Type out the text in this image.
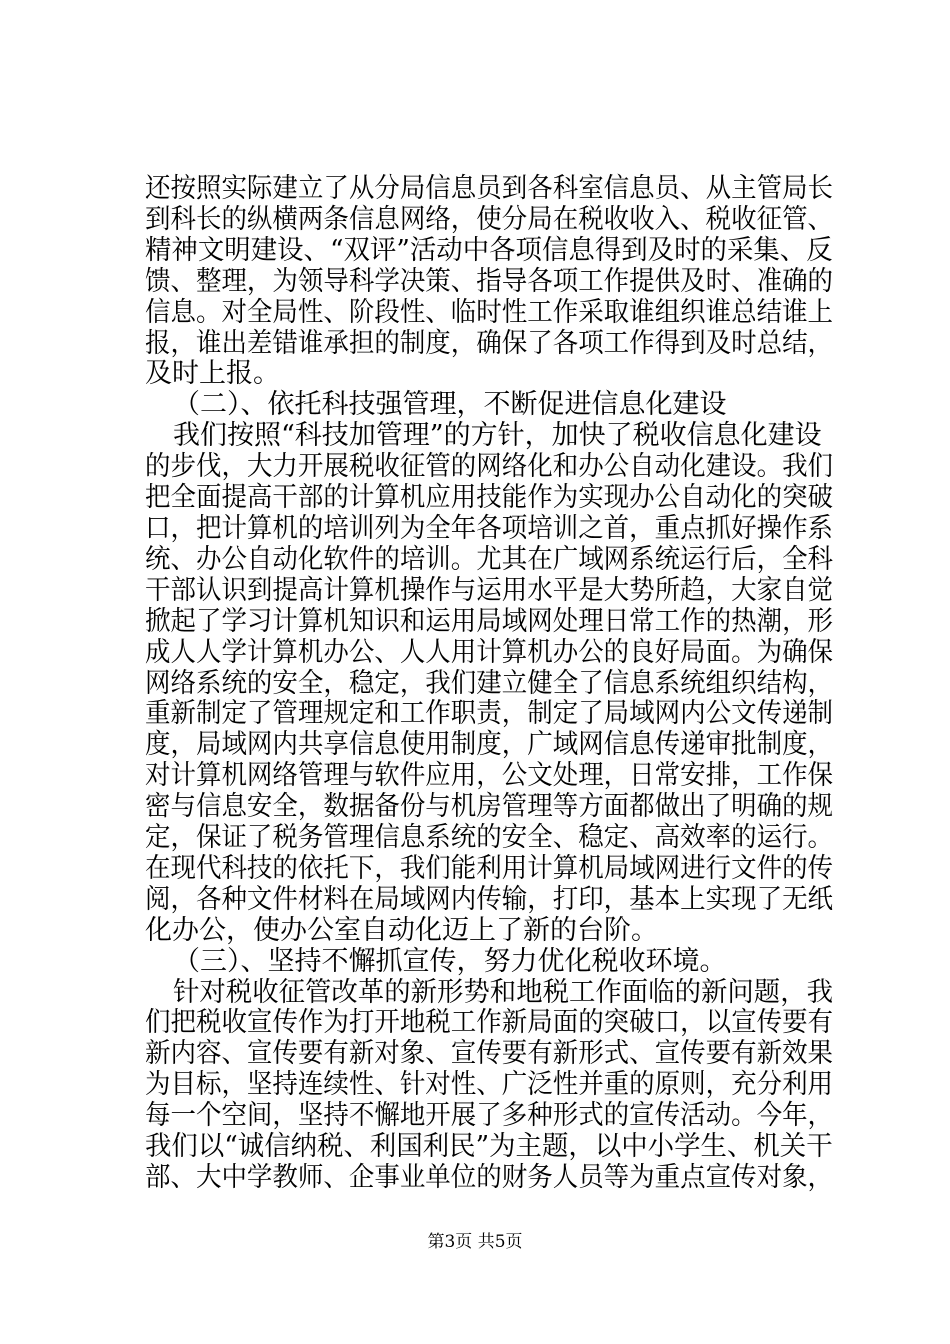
还按照实际建立了从分局信息员到各科室信息员、从主管局长
到科长的纵横两条信息网络，使分局在税收收入、税收征管、
精神文明建设、“双评”活动中各项信息得到及时的采集、反
馈、整理，为领导科学决策、指导各项工作提供及时、准确的
信息。对全局性、阶段性、临时性工作采取谁组织谁总结谁上
报，谁出差错谁承担的制度，确保了各项工作得到及时总结，
及时上报。
（二）、依托科技强管理，不断促进信息化建设
我们按照“科技加管理”的方针，加快了税收信息化建设
的步伐，大力开展税收征管的网络化和办公自动化建设。我们
把全面提高干部的计算机应用技能作为实现办公自动化的突破
口，把计算机的培训列为全年各项培训之首，重点抓好操作系
统、办公自动化软件的培训。尤其在广域网系统运行后，全科
干部认识到提高计算机操作与运用水平是大势所趋，大家自觉
掀起了学习计算机知识和运用局域网处理日常工作的热潮，形
成人人学计算机办公、人人用计算机办公的良好局面。为确保
网络系统的安全，稳定，我们建立健全了信息系统组织结构，
重新制定了管理规定和工作职责，制定了局域网内公文传递制
度，局域网内共享信息使用制度，广域网信息传递审批制度，
对计算机网络管理与软件应用，公文处理，日常安排，工作保
密与信息安全，数据备份与机房管理等方面都做出了明确的规
定，保证了税务管理信息系统的安全、稳定、高效率的运行。
在现代科技的依托下，我们能利用计算机局域网进行文件的传
阅，各种文件材料在局域网内传输，打印，基本上实现了无纸
化办公，使办公室自动化迈上了新的台阶。
（三）、坚持不懈抓宣传，努力优化税收环境。
针对税收征管改革的新形势和地税工作面临的新问题，我
们把税收宣传作为打开地税工作新局面的突破口，以宣传要有
新内容、宣传要有新对象、宣传要有新形式、宣传要有新效果
为目标，坚持连续性、针对性、广泛性并重的原则，充分利用
每一个空间，坚持不懈地开展了多种形式的宣传活动。今年，
我们以“诚信纳税、利国利民”为主题，以中小学生、机关干
部、大中学教师、企事业单位的财务人员等为重点宣传对象，
第3页 共5页
